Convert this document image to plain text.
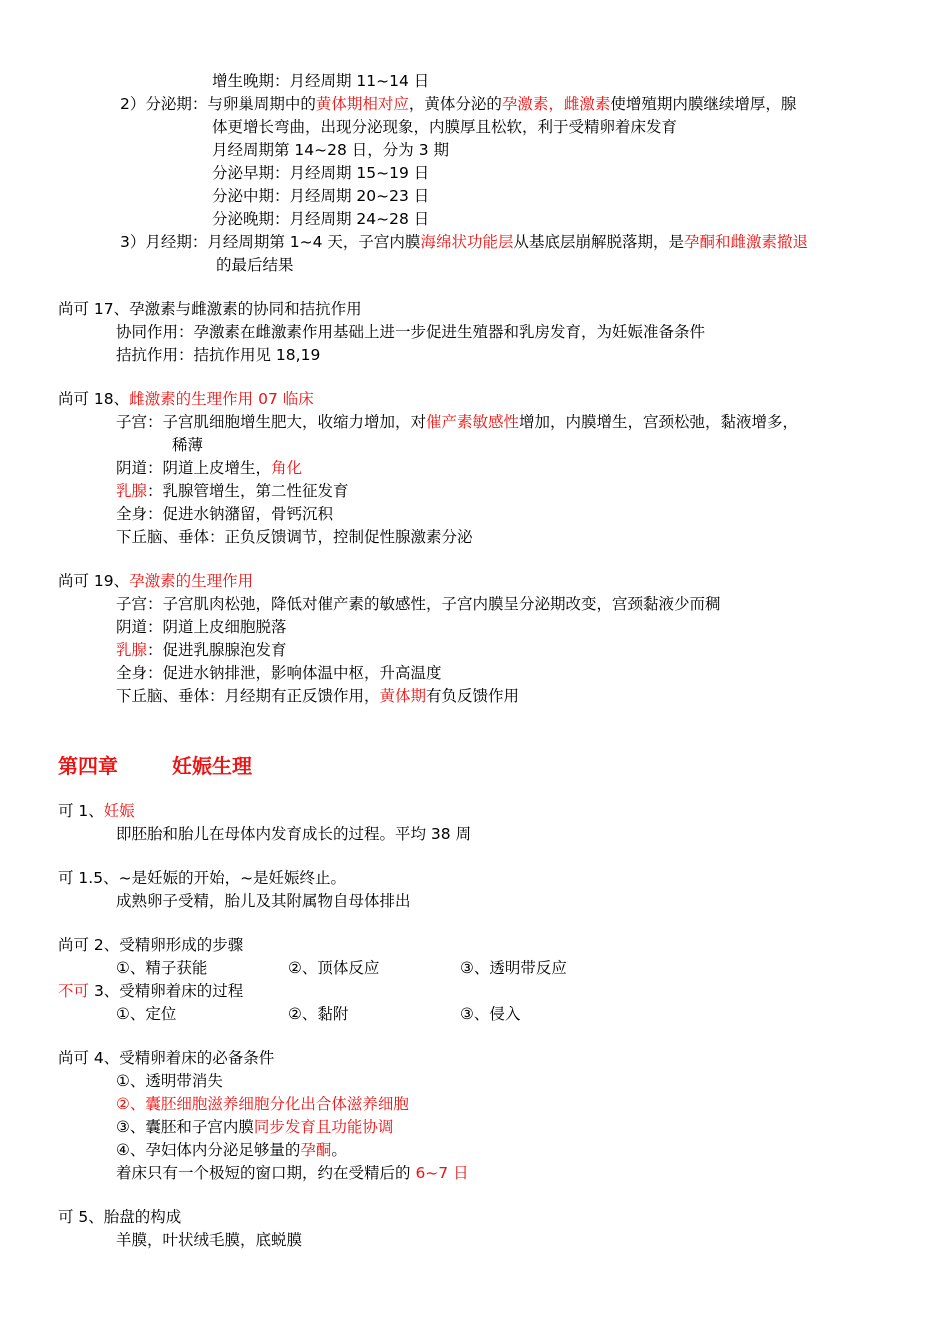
增生晚期：月经周期 11~14 日
2）分泌期：与卵巢周期中的黄体期相对应，黄体分泌的孕激素，雌激素使增殖期内膜继续增厚，腺
体更增长弯曲，出现分泌现象，内膜厚且松软，利于受精卵着床发育
月经周期第 14~28 日，分为 3 期
分泌早期：月经周期 15~19 日
分泌中期：月经周期 20~23 日
分泌晚期：月经周期 24~28 日
3）月经期：月经周期第 1~4 天，子宫内膜海绵状功能层从基底层崩解脱落期，是孕酮和雌激素撤退
的最后结果
尚可 17、孕激素与雌激素的协同和拮抗作用
协同作用：孕激素在雌激素作用基础上进一步促进生殖器和乳房发育，为妊娠准备条件
拮抗作用：拮抗作用见 18,19
尚可 18、雌激素的生理作用 07 临床
子宫：子宫肌细胞增生肥大，收缩力增加，对催产素敏感性增加，内膜增生，宫颈松弛，黏液增多，
稀薄
阴道：阴道上皮增生，角化
乳腺：乳腺管增生，第二性征发育
全身：促进水钠潴留，骨钙沉积
下丘脑、垂体：正负反馈调节，控制促性腺激素分泌
尚可 19、孕激素的生理作用
子宫：子宫肌肉松弛，降低对催产素的敏感性，子宫内膜呈分泌期改变，宫颈黏液少而稠
阴道：阴道上皮细胞脱落
乳腺：促进乳腺腺泡发育
全身：促进水钠排泄，影响体温中枢，升高温度
下丘脑、垂体：月经期有正反馈作用，黄体期有负反馈作用
第四章	妊娠生理
可 1、妊娠
即胚胎和胎儿在母体内发育成长的过程。平均 38 周
可 1.5、~是妊娠的开始，~是妊娠终止。
成熟卵子受精，胎儿及其附属物自母体排出
尚可 2、受精卵形成的步骤
①、精子获能	②、顶体反应	③、透明带反应
不可 3、受精卵着床的过程
①、定位	②、黏附	③、侵入
尚可 4、受精卵着床的必备条件
①、透明带消失
②、囊胚细胞滋养细胞分化出合体滋养细胞
③、囊胚和子宫内膜同步发育且功能协调
④、孕妇体内分泌足够量的孕酮。
着床只有一个极短的窗口期，约在受精后的 6~7 日
可 5、胎盘的构成
羊膜，叶状绒毛膜，底蜕膜
